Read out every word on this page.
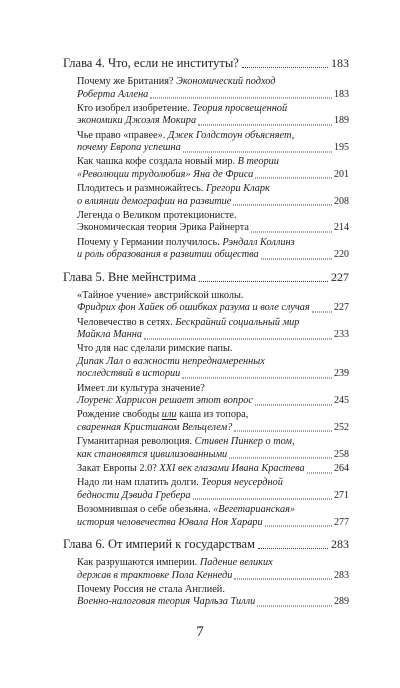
Глава 4. Что, если не институты?	183
Почему же Британия? Экономический подход
Роберта Аллена	183
Кто изобрел изобретение. Теория просвещенной
экономики Джоэля Мокира	189
Чье право «правее». Джек Голдстоун объясняет,
почему Европа успешна	195
Как чашка кофе создала новый мир. В теории
«Революции трудолюбия» Яна де Фриса	201
Плодитесь и размножайтесь. Грегори Кларк
о влиянии демографии на развитие	208
Легенда о Великом протекционисте.
Экономическая теория Эрика Райнерта	214
Почему у Германии получилось. Рэндалл Коллинз
и роль образования в развитии общества	220
Глава 5. Вне мейнстрима	227
«Тайное учение» австрийской школы.
Фридрих фон Хайек об ошибках разума и воле случая 227
Человечество в сетях. Бескрайний социальный мир
Майкла Манна	233
Что для нас сделали римские папы.
Дипак Лал о важности непреднамеренных
последствий в истории	239
Имеет ли культура значение?
Лоуренс Харрисон решает этот вопрос	245
Рождение свободы или каша из топора,
сваренная Кристианом Вельцелем?	252
Гуманитарная революция. Стивен Пинкер о том,
как становятся цивилизованными	258
Закат Европы 2.0? XXI век глазами Ивана Крастева	264
Надо ли нам платить долги. Теория неусердной
бедности Дэвида Гребера	271
Возомнившая о себе обезьяна. «Вегетарианская»
история человечества Ювала Ноя Харари	277
Глава 6. От империй к государствам	283
Как разрушаются империи. Падение великих
держав в трактовке Пола Кеннеди	283
Почему Россия не стала Англией.
Военно-налоговая теория Чарльза Тилли	289
7
